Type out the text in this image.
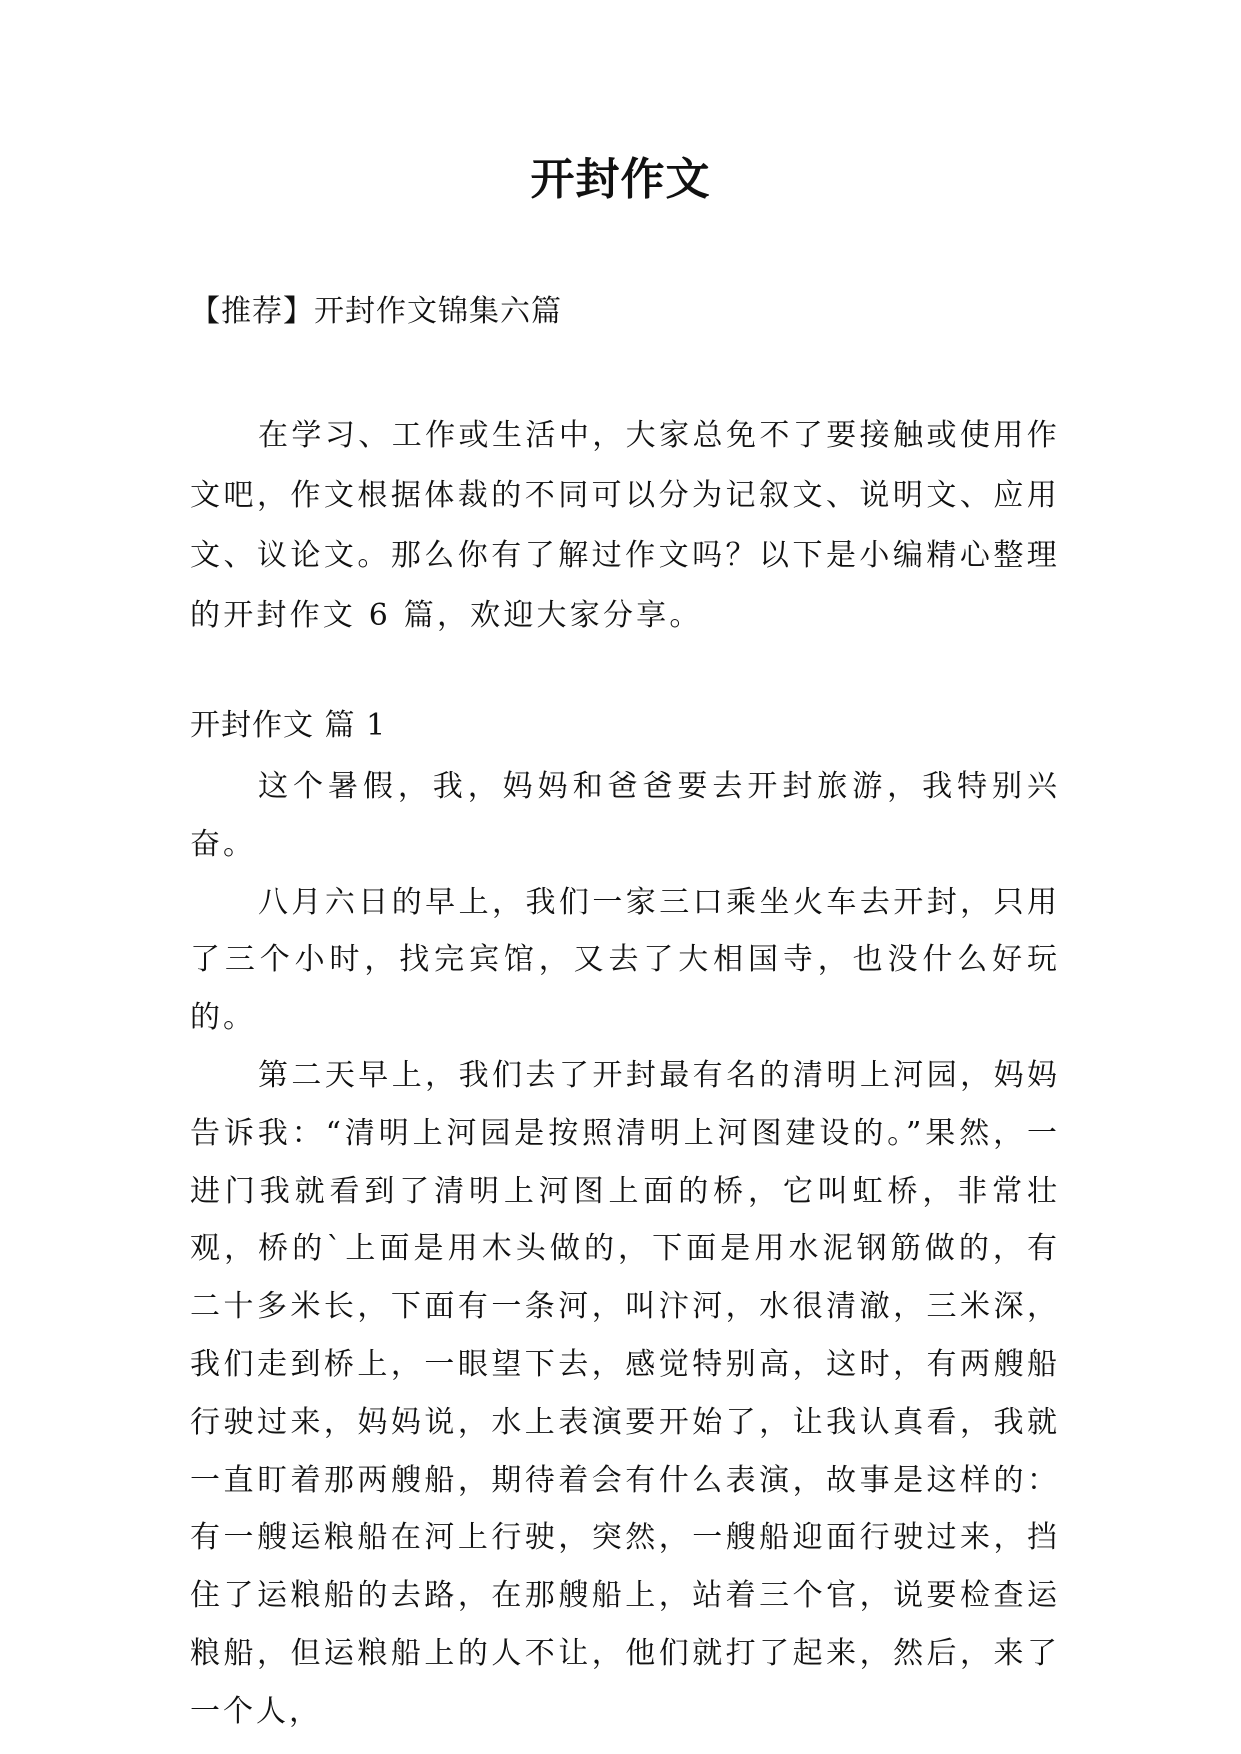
开封作文
【推荐】开封作文锦集六篇

在学习、工作或生活中，大家总免不了要接触或使用作文吧，作文根据体裁的不同可以分为记叙文、说明文、应用文、议论文。那么你有了解过作文吗？以下是小编精心整理的开封作文 6 篇，欢迎大家分享。

开封作文 篇 1

这个暑假，我，妈妈和爸爸要去开封旅游，我特别兴奋。

八月六日的早上，我们一家三口乘坐火车去开封，只用了三个小时，找完宾馆，又去了大相国寺，也没什么好玩的。

第二天早上，我们去了开封最有名的清明上河园，妈妈告诉我：“清明上河园是按照清明上河图建设的。”果然，一进门我就看到了清明上河图上面的桥，它叫虹桥，非常壮观，桥的`上面是用木头做的，下面是用水泥钢筋做的，有二十多米长，下面有一条河，叫汴河，水很清澈，三米深，我们走到桥上，一眼望下去，感觉特别高，这时，有两艘船行驶过来，妈妈说，水上表演要开始了，让我认真看，我就一直盯着那两艘船，期待着会有什么表演，故事是这样的：有一艘运粮船在河上行驶，突然，一艘船迎面行驶过来，挡住了运粮船的去路，在那艘船上，站着三个官，说要检查运粮船，但运粮船上的人不让，他们就打了起来，然后，来了一个人，
